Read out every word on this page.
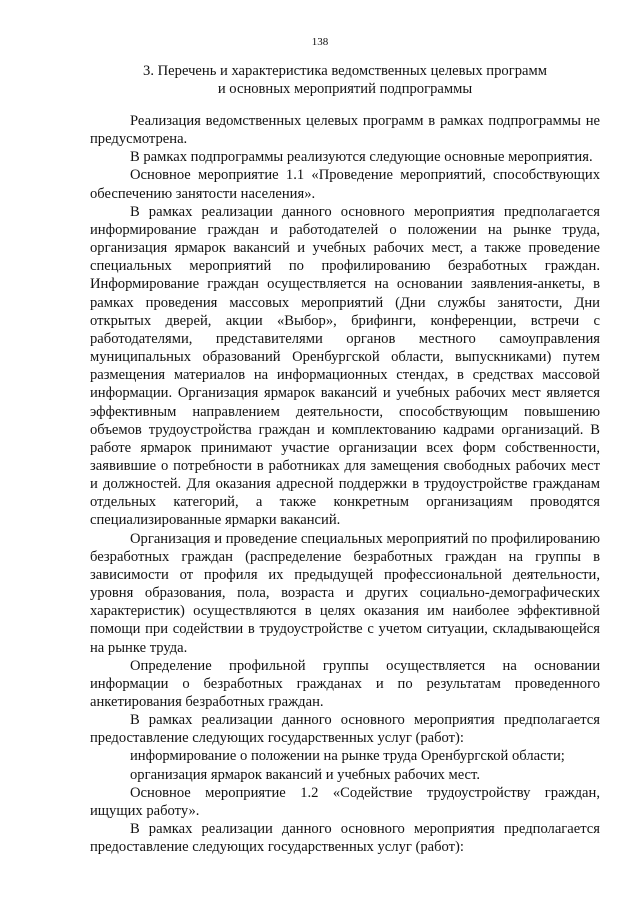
138
3. Перечень и характеристика ведомственных целевых программ
и основных мероприятий подпрограммы

Реализация ведомственных целевых программ в рамках подпрограммы не предусмотрена.

В рамках подпрограммы реализуются следующие основные мероприятия.

Основное мероприятие 1.1 «Проведение мероприятий, способствующих обеспечению занятости населения».

В рамках реализации данного основного мероприятия предполагается информирование граждан и работодателей о положении на рынке труда, организация ярмарок вакансий и учебных рабочих мест, а также проведение специальных мероприятий по профилированию безработных граждан. Информирование граждан осуществляется на основании заявления-анкеты, в рамках проведения массовых мероприятий (Дни службы занятости, Дни открытых дверей, акции «Выбор», брифинги, конференции, встречи с работодателями, представителями органов местного самоуправления муниципальных образований Оренбургской области, выпускниками) путем размещения материалов на информационных стендах, в средствах массовой информации. Организация ярмарок вакансий и учебных рабочих мест является эффективным направлением деятельности, способствующим повышению объемов трудоустройства граждан и комплектованию кадрами организаций. В работе ярмарок принимают участие организации всех форм собственности, заявившие о потребности в работниках для замещения свободных рабочих мест и должностей. Для оказания адресной поддержки в трудоустройстве гражданам отдельных категорий, а также конкретным организациям проводятся специализированные ярмарки вакансий.

Организация и проведение специальных мероприятий по профилированию безработных граждан (распределение безработных граждан на группы в зависимости от профиля их предыдущей профессиональной деятельности, уровня образования, пола, возраста и других социально-демографических характеристик) осуществляются в целях оказания им наиболее эффективной помощи при содействии в трудоустройстве с учетом ситуации, складывающейся на рынке труда.

Определение профильной группы осуществляется на основании информации о безработных гражданах и по результатам проведенного анкетирования безработных граждан.

В рамках реализации данного основного мероприятия предполагается предоставление следующих государственных услуг (работ):

информирование о положении на рынке труда Оренбургской области;

организация ярмарок вакансий и учебных рабочих мест.

Основное мероприятие 1.2 «Содействие трудоустройству граждан, ищущих работу».

В рамках реализации данного основного мероприятия предполагается предоставление следующих государственных услуг (работ):
